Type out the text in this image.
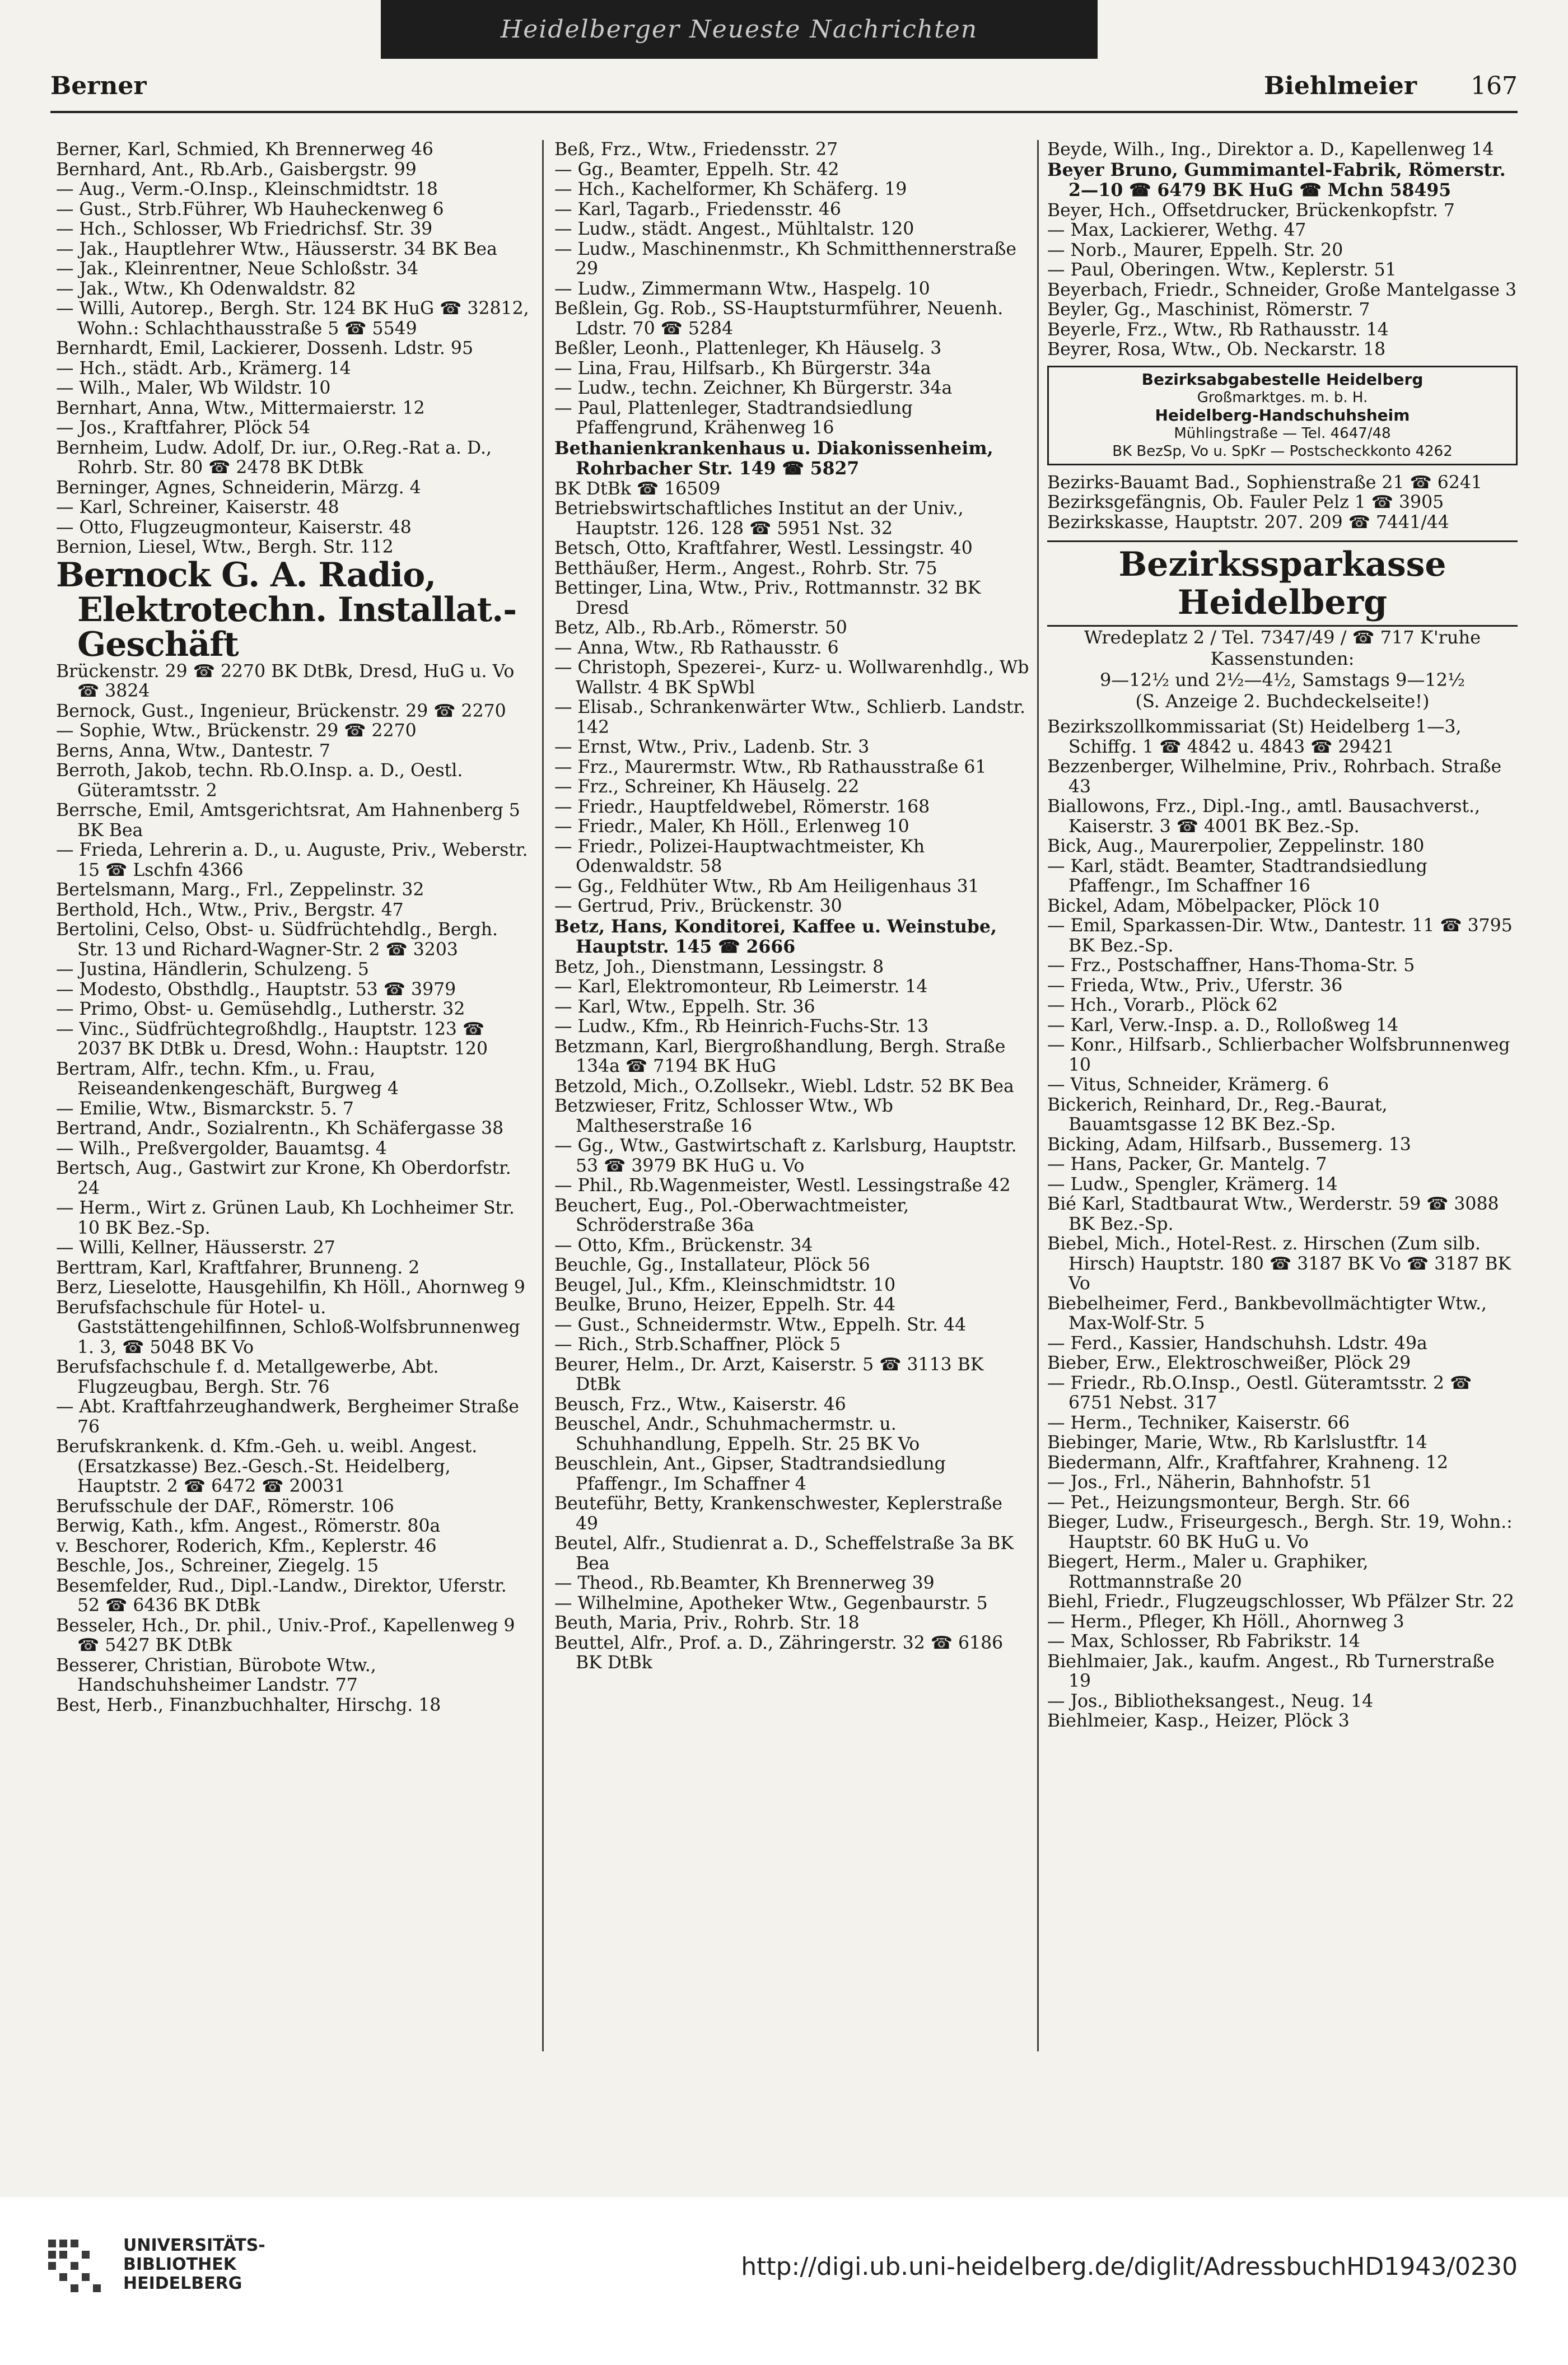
Heidelberger Neueste Nachrichten
Berner	Biehlmeier 167
Berner, Karl, Schmied, Kh Brennerweg 46
Bernhard, Ant., Rb.Arb., Gaisbergstr. 99
— Aug., Verm.-O.Insp., Kleinschmidtstr. 18
— Gust., Strb.Führer, Wb Hauheckenweg 6
— Hch., Schlosser, Wb Friedrichsf. Str. 39
— Jak., Hauptlehrer Wtw., Häusserstr. 34 BK Bea
— Jak., Kleinrentner, Neue Schloßstr. 34
— Jak., Wtw., Kh Odenwaldstr. 82
— Willi, Autorep., Bergh. Str. 124 BK HuG ☎ 32812, Wohn.: Schlachthausstraße 5 ☎ 5549
Bernhardt, Emil, Lackierer, Dossenh. Ldstr. 95
— Hch., städt. Arb., Krämerg. 14
— Wilh., Maler, Wb Wildstr. 10
Bernhart, Anna, Wtw., Mittermaierstr. 12
— Jos., Kraftfahrer, Plöck 54
Bernheim, Ludw. Adolf, Dr. iur., O.Reg.-Rat a. D., Rohrb. Str. 80 ☎ 2478 BK DtBk
Berninger, Agnes, Schneiderin, Märzg. 4
— Karl, Schreiner, Kaiserstr. 48
— Otto, Flugzeugmonteur, Kaiserstr. 48
Bernion, Liesel, Wtw., Bergh. Str. 112
Bernock G. A. Radio, Elektrotechn. Installat.-Geschäft
Brückenstr. 29 ☎ 2270 BK DtBk, Dresd, HuG u. Vo ☎ 3824
Bernock, Gust., Ingenieur, Brückenstr. 29 ☎ 2270
— Sophie, Wtw., Brückenstr. 29 ☎ 2270
Berns, Anna, Wtw., Dantestr. 7
Berroth, Jakob, techn. Rb.O.Insp. a. D., Oestl. Güteramtsstr. 2
Berrsche, Emil, Amtsgerichtsrat, Am Hahnenberg 5 BK Bea
— Frieda, Lehrerin a. D., u. Auguste, Priv., Weberstr. 15 ☎ Lschfn 4366
Bertelsmann, Marg., Frl., Zeppelinstr. 32
Berthold, Hch., Wtw., Priv., Bergstr. 47
Bertolini, Celso, Obst- u. Südfrüchtehdlg., Bergh. Str. 13 und Richard-Wagner-Str. 2 ☎ 3203
— Justina, Händlerin, Schulzeng. 5
— Modesto, Obsthdlg., Hauptstr. 53 ☎ 3979
— Primo, Obst- u. Gemüsehdlg., Lutherstr. 32
— Vinc., Südfrüchtegroßhdlg., Hauptstr. 123 ☎ 2037 BK DtBk u. Dresd, Wohn.: Hauptstr. 120
Bertram, Alfr., techn. Kfm., u. Frau, Reiseandenkengeschäft, Burgweg 4
— Emilie, Wtw., Bismarckstr. 5. 7
Bertrand, Andr., Sozialrentn., Kh Schäfergasse 38
— Wilh., Preßvergolder, Bauamtsg. 4
Bertsch, Aug., Gastwirt zur Krone, Kh Oberdorfstr. 24
— Herm., Wirt z. Grünen Laub, Kh Lochheimer Str. 10 BK Bez.-Sp.
— Willi, Kellner, Häusserstr. 27
Berttram, Karl, Kraftfahrer, Brunneng. 2
Berz, Lieselotte, Hausgehilfin, Kh Höll., Ahornweg 9
Berufsfachschule für Hotel- u. Gaststättengehilfinnen, Schloß-Wolfsbrunnenweg 1. 3, ☎ 5048 BK Vo
Berufsfachschule f. d. Metallgewerbe, Abt. Flugzeugbau, Bergh. Str. 76
— Abt. Kraftfahrzeughandwerk, Bergheimer Straße 76
Berufskrankenk. d. Kfm.-Geh. u. weibl. Angest. (Ersatzkasse) Bez.-Gesch.-St. Heidelberg, Hauptstr. 2 ☎ 6472 ☎ 20031
Berufsschule der DAF., Römerstr. 106
Berwig, Kath., kfm. Angest., Römerstr. 80a
v. Beschorer, Roderich, Kfm., Keplerstr. 46
Beschle, Jos., Schreiner, Ziegelg. 15
Besemfelder, Rud., Dipl.-Landw., Direktor, Uferstr. 52 ☎ 6436 BK DtBk
Besseler, Hch., Dr. phil., Univ.-Prof., Kapellenweg 9 ☎ 5427 BK DtBk
Besserer, Christian, Bürobote Wtw., Handschuhsheimer Landstr. 77
Best, Herb., Finanzbuchhalter, Hirschg. 18
Beß, Frz., Wtw., Friedensstr. 27
— Gg., Beamter, Eppelh. Str. 42
— Hch., Kachelformer, Kh Schäferg. 19
— Karl, Tagarb., Friedensstr. 46
— Ludw., städt. Angest., Mühltalstr. 120
— Ludw., Maschinenmstr., Kh Schmitthennerstraße 29
— Ludw., Zimmermann Wtw., Haspelg. 10
Beßlein, Gg. Rob., SS-Hauptsturmführer, Neuenh. Ldstr. 70 ☎ 5284
Beßler, Leonh., Plattenleger, Kh Häuselg. 3
— Lina, Frau, Hilfsarb., Kh Bürgerstr. 34a
— Ludw., techn. Zeichner, Kh Bürgerstr. 34a
— Paul, Plattenleger, Stadtrandsiedlung Pfaffengrund, Krähenweg 16
Bethanienkrankenhaus u. Diakonissenheim, Rohrbacher Str. 149 ☎ 5827
BK DtBk ☎ 16509
Betriebswirtschaftliches Institut an der Univ., Hauptstr. 126. 128 ☎ 5951 Nst. 32
Betsch, Otto, Kraftfahrer, Westl. Lessingstr. 40
Betthäußer, Herm., Angest., Rohrb. Str. 75
Bettinger, Lina, Wtw., Priv., Rottmannstr. 32 BK Dresd
Betz, Alb., Rb.Arb., Römerstr. 50
— Anna, Wtw., Rb Rathausstr. 6
— Christoph, Spezerei-, Kurz- u. Wollwarenhdlg., Wb Wallstr. 4 BK SpWbl
— Elisab., Schrankenwärter Wtw., Schlierb. Landstr. 142
— Ernst, Wtw., Priv., Ladenb. Str. 3
— Frz., Maurermstr. Wtw., Rb Rathausstraße 61
— Frz., Schreiner, Kh Häuselg. 22
— Friedr., Hauptfeldwebel, Römerstr. 168
— Friedr., Maler, Kh Höll., Erlenweg 10
— Friedr., Polizei-Hauptwachtmeister, Kh Odenwaldstr. 58
— Gg., Feldhüter Wtw., Rb Am Heiligenhaus 31
— Gertrud, Priv., Brückenstr. 30
Betz, Hans, Konditorei, Kaffee u. Weinstube, Hauptstr. 145 ☎ 2666
Betz, Joh., Dienstmann, Lessingstr. 8
— Karl, Elektromonteur, Rb Leimerstr. 14
— Karl, Wtw., Eppelh. Str. 36
— Ludw., Kfm., Rb Heinrich-Fuchs-Str. 13
Betzmann, Karl, Biergroßhandlung, Bergh. Straße 134a ☎ 7194 BK HuG
Betzold, Mich., O.Zollsekr., Wiebl. Ldstr. 52 BK Bea
Betzwieser, Fritz, Schlosser Wtw., Wb Maltheserstraße 16
— Gg., Wtw., Gastwirtschaft z. Karlsburg, Hauptstr. 53 ☎ 3979 BK HuG u. Vo
— Phil., Rb.Wagenmeister, Westl. Lessingstraße 42
Beuchert, Eug., Pol.-Oberwachtmeister, Schröderstraße 36a
— Otto, Kfm., Brückenstr. 34
Beuchle, Gg., Installateur, Plöck 56
Beugel, Jul., Kfm., Kleinschmidtstr. 10
Beulke, Bruno, Heizer, Eppelh. Str. 44
— Gust., Schneidermstr. Wtw., Eppelh. Str. 44
— Rich., Strb.Schaffner, Plöck 5
Beurer, Helm., Dr. Arzt, Kaiserstr. 5 ☎ 3113 BK DtBk
Beusch, Frz., Wtw., Kaiserstr. 46
Beuschel, Andr., Schuhmachermstr. u. Schuhhandlung, Eppelh. Str. 25 BK Vo
Beuschlein, Ant., Gipser, Stadtrandsiedlung Pfaffengr., Im Schaffner 4
Beuteführ, Betty, Krankenschwester, Keplerstraße 49
Beutel, Alfr., Studienrat a. D., Scheffelstraße 3a BK Bea
— Theod., Rb.Beamter, Kh Brennerweg 39
— Wilhelmine, Apotheker Wtw., Gegenbaurstr. 5
Beuth, Maria, Priv., Rohrb. Str. 18
Beuttel, Alfr., Prof. a. D., Zähringerstr. 32 ☎ 6186 BK DtBk
Beyde, Wilh., Ing., Direktor a. D., Kapellenweg 14
Beyer Bruno, Gummimantel-Fabrik, Römerstr. 2—10 ☎ 6479 BK HuG ☎ Mchn 58495
Beyer, Hch., Offsetdrucker, Brückenkopfstr. 7
— Max, Lackierer, Wethg. 47
— Norb., Maurer, Eppelh. Str. 20
— Paul, Oberingen. Wtw., Keplerstr. 51
Beyerbach, Friedr., Schneider, Große Mantelgasse 3
Beyler, Gg., Maschinist, Römerstr. 7
Beyerle, Frz., Wtw., Rb Rathausstr. 14
Beyrer, Rosa, Wtw., Ob. Neckarstr. 18
Bezirksabgabestelle Heidelberg
Großmarktges. m. b. H.
Heidelberg-Handschuhsheim
Mühlingstraße — Tel. 4647/48
BK BezSp, Vo u. SpKr — Postscheckkonto 4262
Bezirks-Bauamt Bad., Sophienstraße 21 ☎ 6241
Bezirksgefängnis, Ob. Fauler Pelz 1 ☎ 3905
Bezirkskasse, Hauptstr. 207. 209 ☎ 7441/44
Bezirkssparkasse Heidelberg
Wredeplatz 2 / Tel. 7347/49 / ☎ 717 K'ruhe
Kassenstunden:
9—12½ und 2½—4½, Samstags 9—12½
(S. Anzeige 2. Buchdeckelseite!)
Bezirkszollkommissariat (St) Heidelberg 1—3, Schiffg. 1 ☎ 4842 u. 4843 ☎ 29421
Bezzenberger, Wilhelmine, Priv., Rohrbach. Straße 43
Biallowons, Frz., Dipl.-Ing., amtl. Bausachverst., Kaiserstr. 3 ☎ 4001 BK Bez.-Sp.
Bick, Aug., Maurerpolier, Zeppelinstr. 180
— Karl, städt. Beamter, Stadtrandsiedlung Pfaffengr., Im Schaffner 16
Bickel, Adam, Möbelpacker, Plöck 10
— Emil, Sparkassen-Dir. Wtw., Dantestr. 11 ☎ 3795 BK Bez.-Sp.
— Frz., Postschaffner, Hans-Thoma-Str. 5
— Frieda, Wtw., Priv., Uferstr. 36
— Hch., Vorarb., Plöck 62
— Karl, Verw.-Insp. a. D., Rolloßweg 14
— Konr., Hilfsarb., Schlierbacher Wolfsbrunnenweg 10
— Vitus, Schneider, Krämerg. 6
Bickerich, Reinhard, Dr., Reg.-Baurat, Bauamtsgasse 12 BK Bez.-Sp.
Bicking, Adam, Hilfsarb., Bussemerg. 13
— Hans, Packer, Gr. Mantelg. 7
— Ludw., Spengler, Krämerg. 14
Bié Karl, Stadtbaurat Wtw., Werderstr. 59 ☎ 3088 BK Bez.-Sp.
Biebel, Mich., Hotel-Rest. z. Hirschen (Zum silb. Hirsch) Hauptstr. 180 ☎ 3187 BK Vo ☎ 3187 BK Vo
Biebelheimer, Ferd., Bankbevollmächtigter Wtw., Max-Wolf-Str. 5
— Ferd., Kassier, Handschuhsh. Ldstr. 49a
Bieber, Erw., Elektroschweißer, Plöck 29
— Friedr., Rb.O.Insp., Oestl. Güteramtsstr. 2 ☎ 6751 Nebst. 317
— Herm., Techniker, Kaiserstr. 66
Biebinger, Marie, Wtw., Rb Karlslustftr. 14
Biedermann, Alfr., Kraftfahrer, Krahneng. 12
— Jos., Frl., Näherin, Bahnhofstr. 51
— Pet., Heizungsmonteur, Bergh. Str. 66
Bieger, Ludw., Friseurgesch., Bergh. Str. 19, Wohn.: Hauptstr. 60 BK HuG u. Vo
Biegert, Herm., Maler u. Graphiker, Rottmannstraße 20
Biehl, Friedr., Flugzeugschlosser, Wb Pfälzer Str. 22
— Herm., Pfleger, Kh Höll., Ahornweg 3
— Max, Schlosser, Rb Fabrikstr. 14
Biehlmaier, Jak., kaufm. Angest., Rb Turnerstraße 19
— Jos., Bibliotheksangest., Neug. 14
Biehlmeier, Kasp., Heizer, Plöck 3
UNIVERSITÄTS-
BIBLIOTHEK
HEIDELBERG
http://digi.ub.uni-heidelberg.de/diglit/AdressbuchHD1943/0230
